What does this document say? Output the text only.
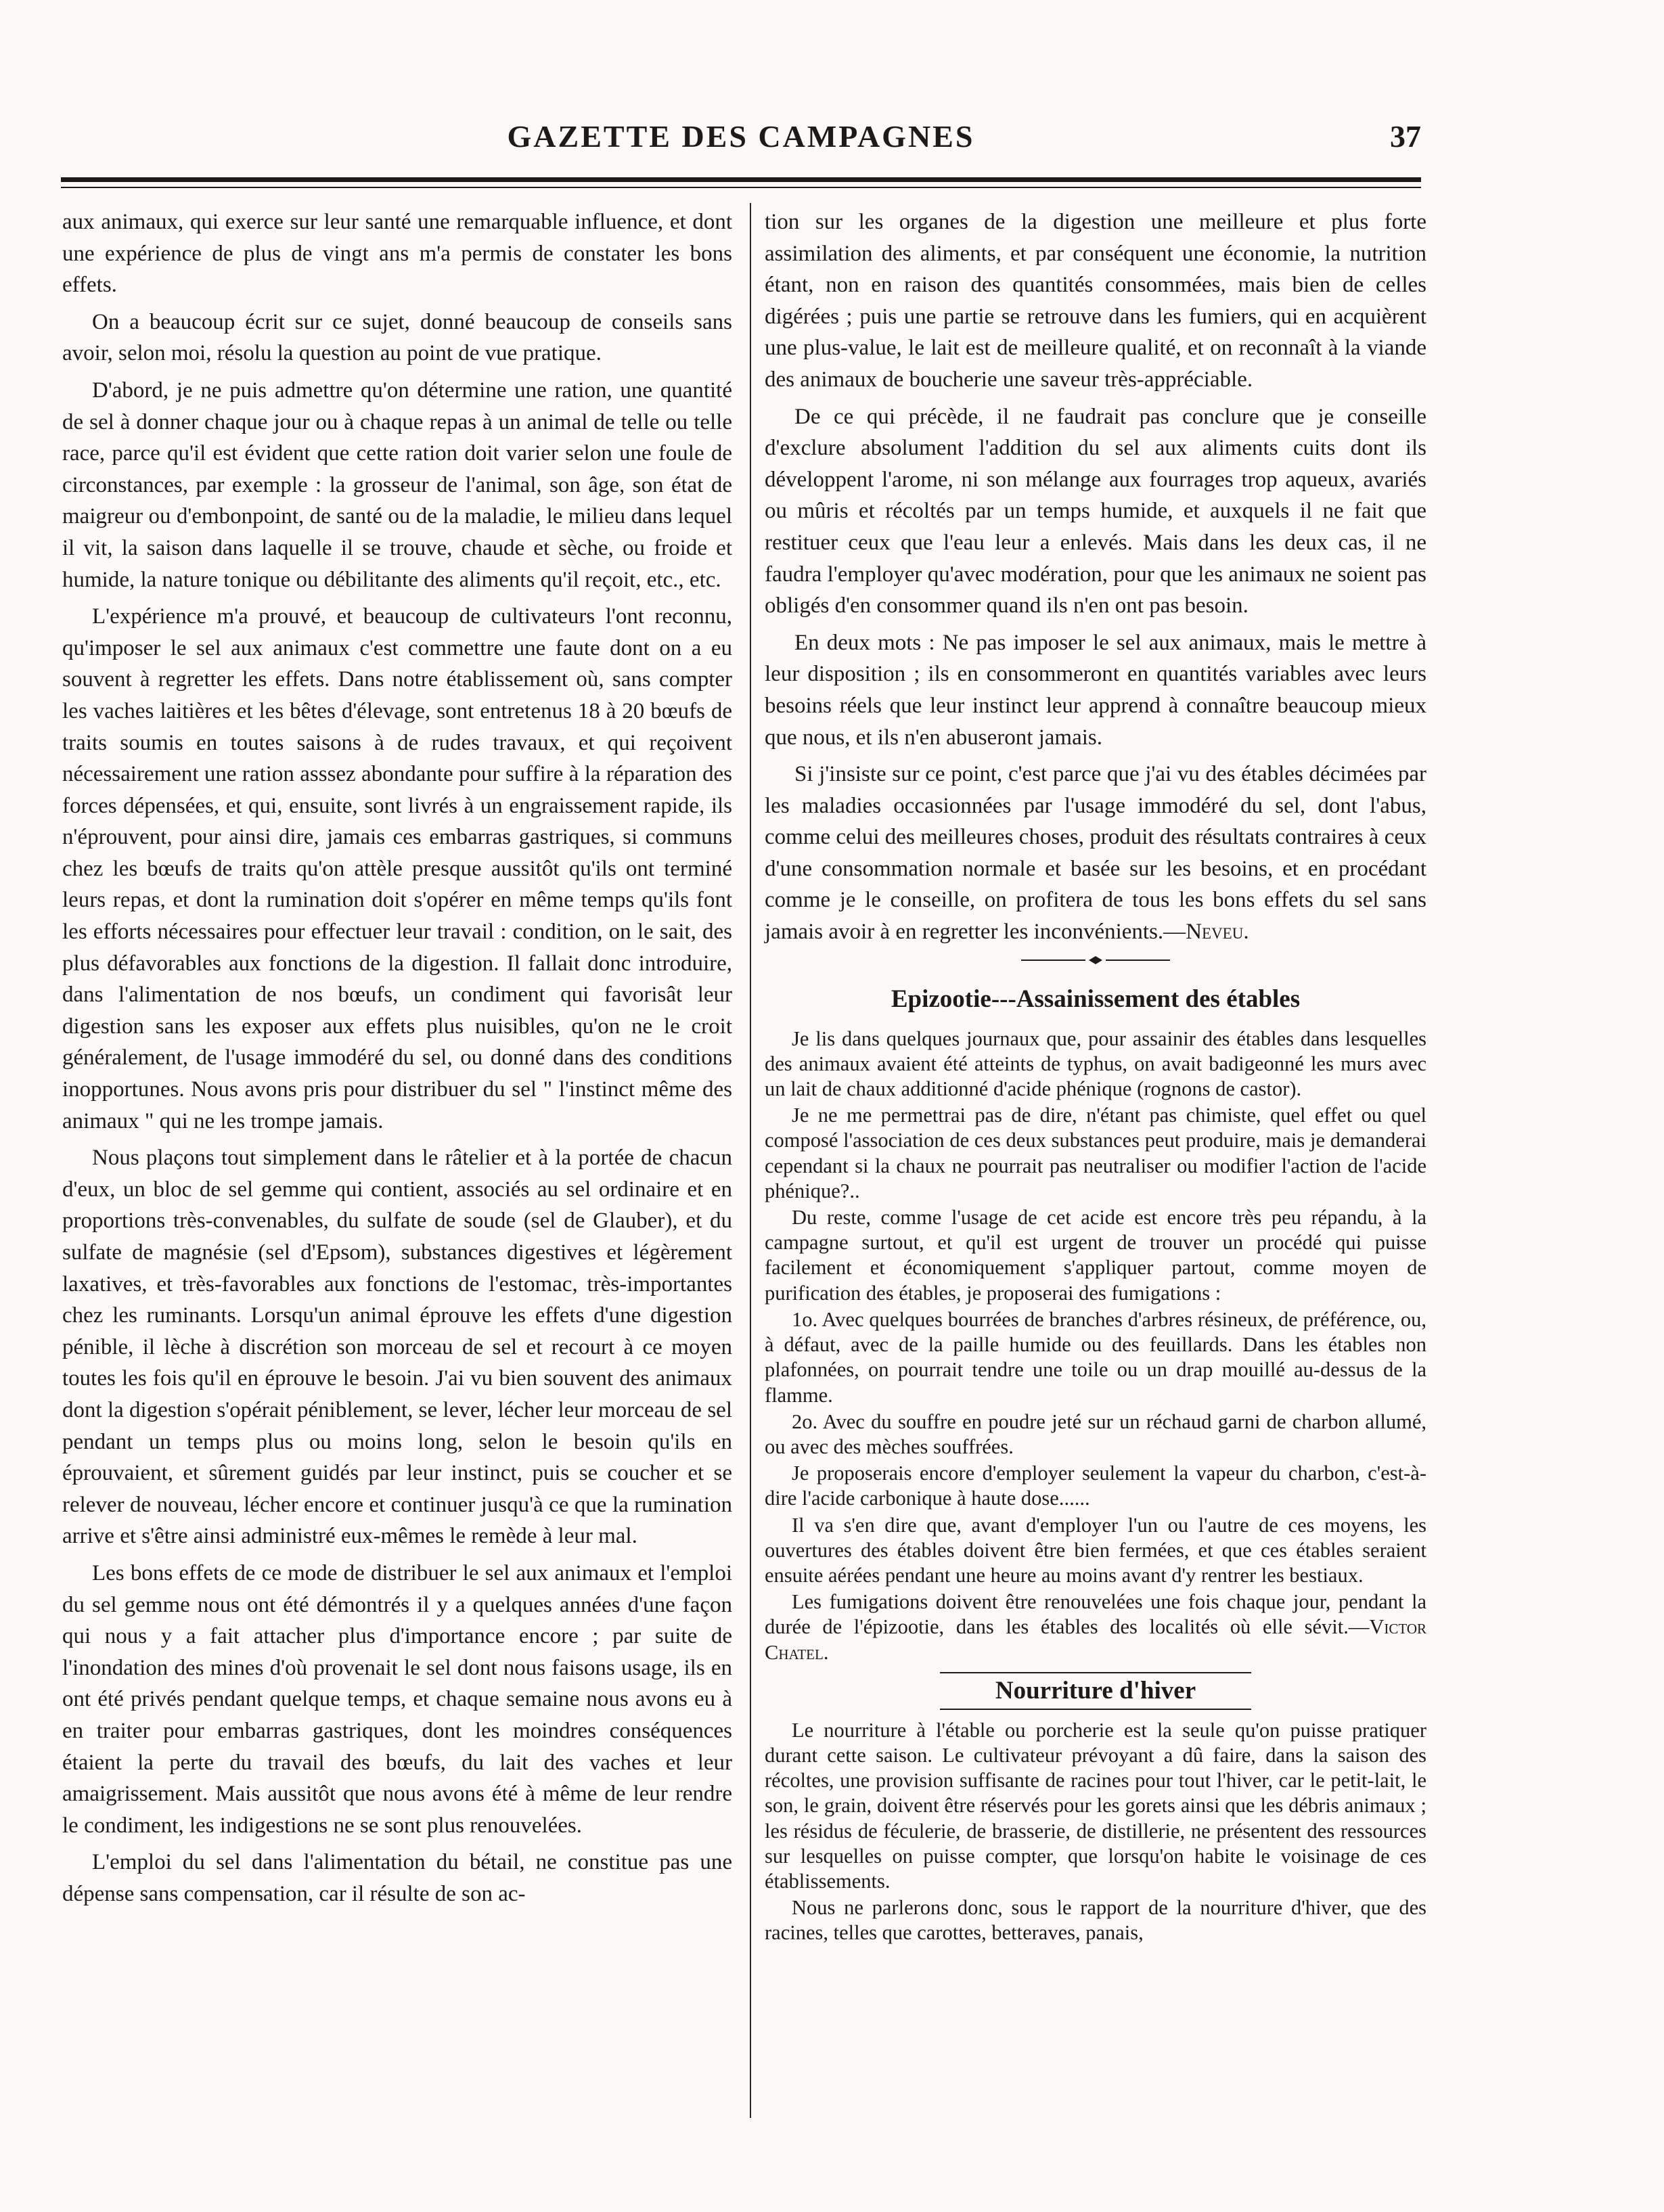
GAZETTE DES CAMPAGNES	37

aux animaux, qui exerce sur leur santé une remarquable influence, et dont une expérience de plus de vingt ans m'a permis de constater les bons effets.

On a beaucoup écrit sur ce sujet, donné beaucoup de conseils sans avoir, selon moi, résolu la question au point de vue pratique.

D'abord, je ne puis admettre qu'on détermine une ration, une quantité de sel à donner chaque jour ou à chaque repas à un animal de telle ou telle race, parce qu'il est évident que cette ration doit varier selon une foule de circonstances, par exemple : la grosseur de l'animal, son âge, son état de maigreur ou d'embonpoint, de santé ou de la maladie, le milieu dans lequel il vit, la saison dans laquelle il se trouve, chaude et sèche, ou froide et humide, la nature tonique ou débilitante des aliments qu'il reçoit, etc., etc.

L'expérience m'a prouvé, et beaucoup de cultivateurs l'ont reconnu, qu'imposer le sel aux animaux c'est commettre une faute dont on a eu souvent à regretter les effets. Dans notre établissement où, sans compter les vaches laitières et les bêtes d'élevage, sont entretenus 18 à 20 bœufs de traits soumis en toutes saisons à de rudes travaux, et qui reçoivent nécessairement une ration asssez abondante pour suffire à la réparation des forces dépensées, et qui, ensuite, sont livrés à un engraissement rapide, ils n'éprouvent, pour ainsi dire, jamais ces embarras gastriques, si communs chez les bœufs de traits qu'on attèle presque aussitôt qu'ils ont terminé leurs repas, et dont la rumination doit s'opérer en même temps qu'ils font les efforts nécessaires pour effectuer leur travail : condition, on le sait, des plus défavorables aux fonctions de la digestion. Il fallait donc introduire, dans l'alimentation de nos bœufs, un condiment qui favorisât leur digestion sans les exposer aux effets plus nuisibles, qu'on ne le croit généralement, de l'usage immodéré du sel, ou donné dans des conditions inopportunes. Nous avons pris pour distribuer du sel " l'instinct même des animaux " qui ne les trompe jamais.

Nous plaçons tout simplement dans le râtelier et à la portée de chacun d'eux, un bloc de sel gemme qui contient, associés au sel ordinaire et en proportions très-convenables, du sulfate de soude (sel de Glauber), et du sulfate de magnésie (sel d'Epsom), substances digestives et légèrement laxatives, et très-favorables aux fonctions de l'estomac, très-importantes chez les ruminants. Lorsqu'un animal éprouve les effets d'une digestion pénible, il lèche à discrétion son morceau de sel et recourt à ce moyen toutes les fois qu'il en éprouve le besoin. J'ai vu bien souvent des animaux dont la digestion s'opérait péniblement, se lever, lécher leur morceau de sel pendant un temps plus ou moins long, selon le besoin qu'ils en éprouvaient, et sûrement guidés par leur instinct, puis se coucher et se relever de nouveau, lécher encore et continuer jusqu'à ce que la rumination arrive et s'être ainsi administré eux-mêmes le remède à leur mal.

Les bons effets de ce mode de distribuer le sel aux animaux et l'emploi du sel gemme nous ont été démontrés il y a quelques années d'une façon qui nous y a fait attacher plus d'importance encore ; par suite de l'inondation des mines d'où provenait le sel dont nous faisons usage, ils en ont été privés pendant quelque temps, et chaque semaine nous avons eu à en traiter pour embarras gastriques, dont les moindres conséquences étaient la perte du travail des bœufs, du lait des vaches et leur amaigrissement. Mais aussitôt que nous avons été à même de leur rendre le condiment, les indigestions ne se sont plus renouvelées.

L'emploi du sel dans l'alimentation du bétail, ne constitue pas une dépense sans compensation, car il résulte de son ac-

tion sur les organes de la digestion une meilleure et plus forte assimilation des aliments, et par conséquent une économie, la nutrition étant, non en raison des quantités consommées, mais bien de celles digérées ; puis une partie se retrouve dans les fumiers, qui en acquièrent une plus-value, le lait est de meilleure qualité, et on reconnaît à la viande des animaux de boucherie une saveur très-appréciable.

De ce qui précède, il ne faudrait pas conclure que je conseille d'exclure absolument l'addition du sel aux aliments cuits dont ils développent l'arome, ni son mélange aux fourrages trop aqueux, avariés ou mûris et récoltés par un temps humide, et auxquels il ne fait que restituer ceux que l'eau leur a enlevés. Mais dans les deux cas, il ne faudra l'employer qu'avec modération, pour que les animaux ne soient pas obligés d'en consommer quand ils n'en ont pas besoin.

En deux mots : Ne pas imposer le sel aux animaux, mais le mettre à leur disposition ; ils en consommeront en quantités variables avec leurs besoins réels que leur instinct leur apprend à connaître beaucoup mieux que nous, et ils n'en abuseront jamais.

Si j'insiste sur ce point, c'est parce que j'ai vu des étables décimées par les maladies occasionnées par l'usage immodéré du sel, dont l'abus, comme celui des meilleures choses, produit des résultats contraires à ceux d'une consommation normale et basée sur les besoins, et en procédant comme je le conseille, on profitera de tous les bons effets du sel sans jamais avoir à en regretter les inconvénients.—Neveu.

Epizootie---Assainissement des étables

Je lis dans quelques journaux que, pour assainir des étables dans lesquelles des animaux avaient été atteints de typhus, on avait badigeonné les murs avec un lait de chaux additionné d'acide phénique (rognons de castor).

Je ne me permettrai pas de dire, n'étant pas chimiste, quel effet ou quel composé l'association de ces deux substances peut produire, mais je demanderai cependant si la chaux ne pourrait pas neutraliser ou modifier l'action de l'acide phénique?..

Du reste, comme l'usage de cet acide est encore très peu répandu, à la campagne surtout, et qu'il est urgent de trouver un procédé qui puisse facilement et économiquement s'appliquer partout, comme moyen de purification des étables, je proposerai des fumigations :

1o. Avec quelques bourrées de branches d'arbres résineux, de préférence, ou, à défaut, avec de la paille humide ou des feuillards. Dans les étables non plafonnées, on pourrait tendre une toile ou un drap mouillé au-dessus de la flamme.

2o. Avec du souffre en poudre jeté sur un réchaud garni de charbon allumé, ou avec des mèches souffrées.

Je proposerais encore d'employer seulement la vapeur du charbon, c'est-à-dire l'acide carbonique à haute dose......

Il va s'en dire que, avant d'employer l'un ou l'autre de ces moyens, les ouvertures des étables doivent être bien fermées, et que ces étables seraient ensuite aérées pendant une heure au moins avant d'y rentrer les bestiaux.

Les fumigations doivent être renouvelées une fois chaque jour, pendant la durée de l'épizootie, dans les étables des localités où elle sévit.—Victor Chatel.

Nourriture d'hiver

Le nourriture à l'étable ou porcherie est la seule qu'on puisse pratiquer durant cette saison. Le cultivateur prévoyant a dû faire, dans la saison des récoltes, une provision suffisante de racines pour tout l'hiver, car le petit-lait, le son, le grain, doivent être réservés pour les gorets ainsi que les débris animaux ; les résidus de féculerie, de brasserie, de distillerie, ne présentent des ressources sur lesquelles on puisse compter, que lorsqu'on habite le voisinage de ces établissements.

Nous ne parlerons donc, sous le rapport de la nourriture d'hiver, que des racines, telles que carottes, betteraves, panais,
